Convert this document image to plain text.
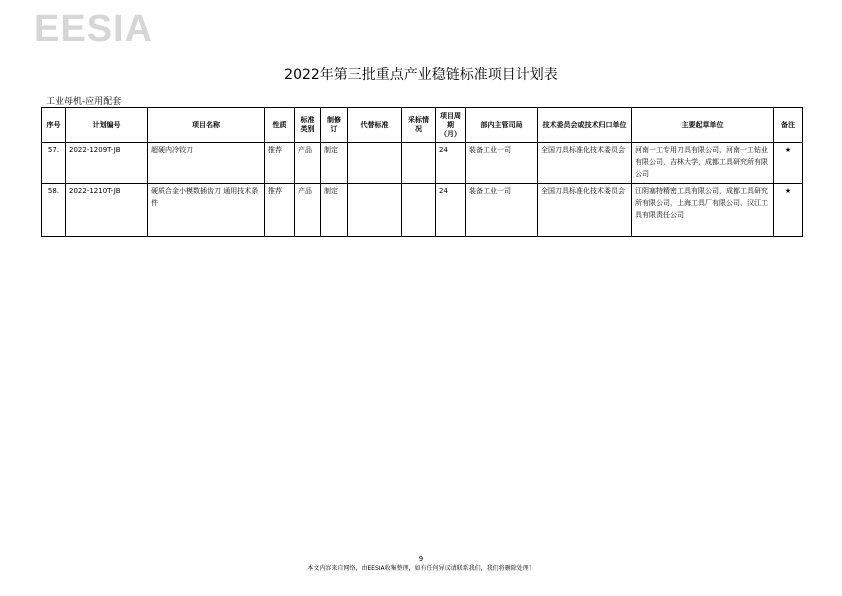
EESIA
2022年第三批重点产业稳链标准项目计划表
工业母机-应用配套
序号	计划编号	项目名称	性质	标准类别	制修订	代替标准	采标情况	项目周期（月）	部内主管司局	技术委员会或技术归口单位	主要起草单位	备注
57.	2022-1209T-JB	超硬内冷铰刀	推荐	产品	制定			24	装备工业一司	全国刀具标准化技术委员会	河南一工专用刀具有限公司，河南一工钻业有限公司，吉林大学，成都工具研究所有限公司	★
58.	2022-1210T-JB	硬质合金小模数插齿刀 通用技术条件	推荐	产品	制定			24	装备工业一司	全国刀具标准化技术委员会	江阴塞特精密工具有限公司，成都工具研究所有限公司，上海工具厂有限公司，汉江工具有限责任公司	★
9
本文内容来自网络，由EESIA收集整理，如有任何异议请联系我们，我们将删除处理！
